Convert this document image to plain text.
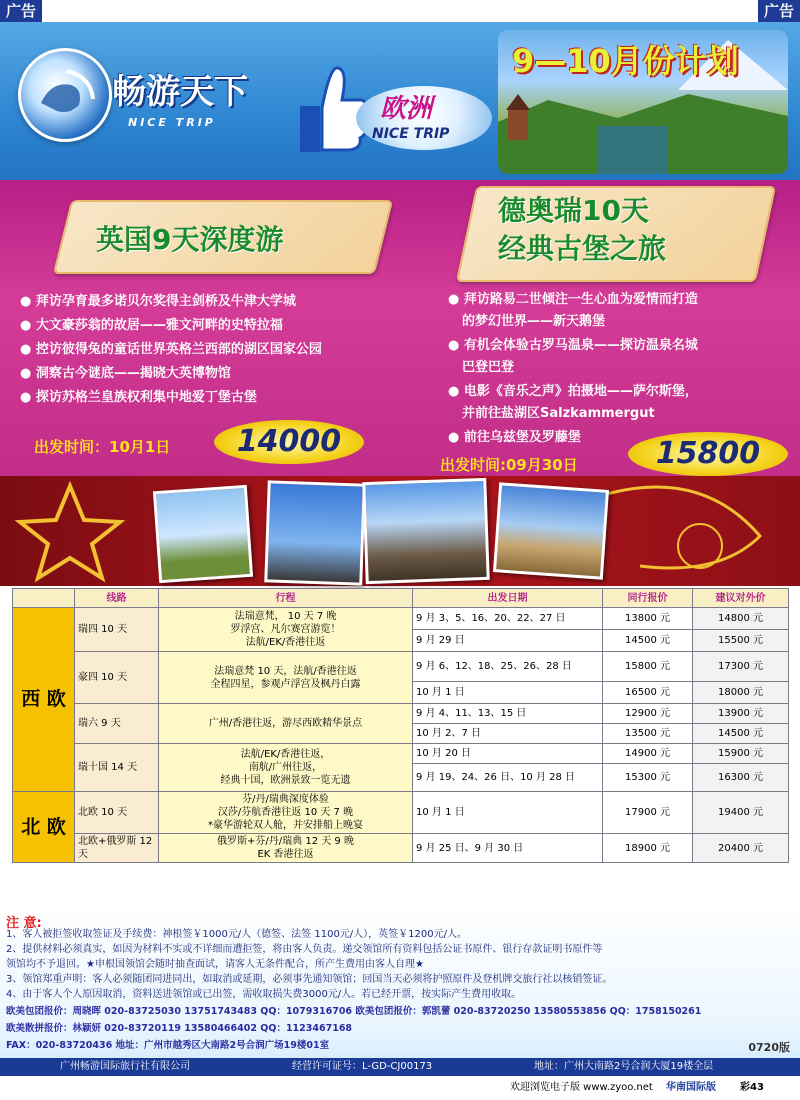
广告	广告
畅游天下
NICE TRIP	欧洲
NICE TRIP
9—10月份计划
英国9天深度游
德奥瑞10天
经典古堡之旅
● 拜访孕育最多诺贝尔奖得主剑桥及牛津大学城
● 大文豪莎翁的故居——雅文河畔的史特拉福
● 控访彼得兔的童话世界英格兰西部的湖区国家公园
● 洞察古今谜底——揭晓大英博物馆
● 探访苏格兰皇族权利集中地爱丁堡古堡
出发时间：10月1日	14000
● 拜访路易二世倾注一生心血为爱情而打造
的梦幻世界——新天鹅堡
● 有机会体验古罗马温泉——探访温泉名城
巴登巴登
● 电影《音乐之声》拍摄地——萨尔斯堡，
并前往盐湖区Salzkammergut
● 前往乌兹堡及罗藤堡
出发时间:09月30日	15800
	线路	行程	出发日期	同行报价	建议对外价
西 欧	瑞四 10 天	法瑞意梵， 10 天 7 晚
罗浮宫、凡尔赛宫游览！
法航/EK/香港往返	9 月 3、5、16、20、22、27 日	13800 元	14800 元
			9 月 29 日	14500 元	15500 元
	豪四 10 天	法瑞意梵 10 天，法航/香港往返
全程四星，参观卢浮宫及枫丹白露	9 月 6、12、18、25、26、28 日	15800 元	17300 元
			10 月 1 日	16500 元	18000 元
	瑞六 9 天	广州/香港往返，游尽西欧精华景点	9 月 4、11、13、15 日	12900 元	13900 元
			10 月 2、7 日	13500 元	14500 元
	瑞十国 14 天	法航/EK/香港往返，
南航/广州往返，
经典十国，欧洲景致一览无遗	10 月 20 日	14900 元	15900 元
			9 月 19、24、26 日、10 月 28 日	15300 元	16300 元
北 欧	北欧 10 天	芬/丹/瑞典深度体验
汉莎/芬航香港往返 10 天 7 晚
*豪华游轮双人舱，并安排船上晚宴	10 月 1 日	17900 元	19400 元
	北欧+俄罗斯 12 天	俄罗斯+芬/丹/瑞典 12 天 9 晚
EK 香港往返	9 月 25 日、9 月 30 日	18900 元	20400 元
注 意:
1、客人被拒签收取签证及手续费：神根签￥1000元/人（德签、法签 1100元/人），英签￥1200元/人。
2、提供材料必须真实，如因为材料不实或不详细而遭拒签，将由客人负责。递交领馆所有资料包括公证书原件、银行存款证明书原件等
领馆均不予退回。★申根国领馆会随时抽查面试，请客人无条件配合，所产生费用由客人自理★
3、领馆郑重声明：客人必须随团同进同出，如取消或延期，必须事先通知领馆；回国当天必须将护照原件及登机牌交旅行社以核销签证。
4、由于客人个人原因取消，资料送进领馆或已出签，需收取损失费3000元/人。若已经开票，按实际产生费用收取。
欧美包团报价：周晓晖 020-83725030 13751743483 QQ：1079316706 欧美包团报价：郭凯蕾 020-83720250 13580553856 QQ：1758150261
欧美散拼报价：林颖妍 020-83720119 13580466402 QQ：1123467168
FAX：020-83720436 地址：广州市越秀区大南路2号合润广场19楼01室	0720版
广州畅游国际旅行社有限公司	经营许可证号：L-GD-CJ00173	地址：广州大南路2号合润大厦19楼全层
欢迎浏览电子版 www.zyoo.net 华南国际版 彩43
